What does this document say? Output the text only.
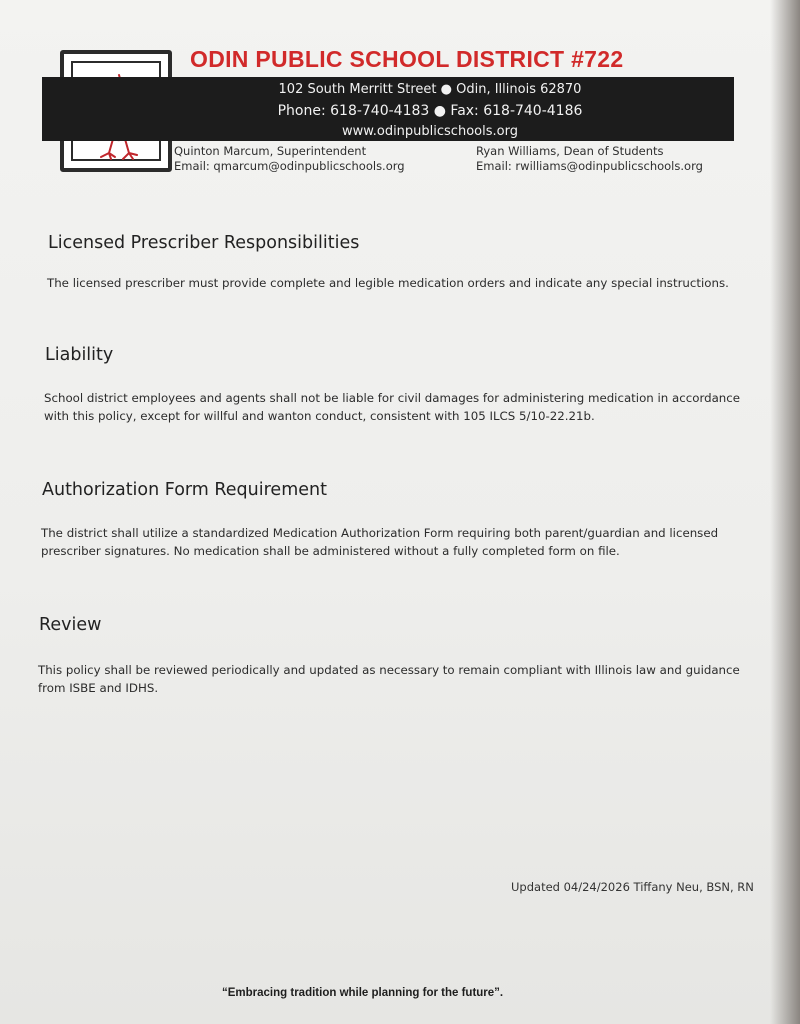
ODIN PUBLIC SCHOOL DISTRICT #722
102 South Merritt Street ● Odin, Illinois 62870
Phone: 618-740-4183 ● Fax: 618-740-4186
www.odinpublicschools.org
Quinton Marcum, Superintendent
Email: qmarcum@odinpublicschools.org
Ryan Williams, Dean of Students
Email: rwilliams@odinpublicschools.org
Licensed Prescriber Responsibilities
The licensed prescriber must provide complete and legible medication orders and indicate any special instructions.
Liability
School district employees and agents shall not be liable for civil damages for administering medication in accordance with this policy, except for willful and wanton conduct, consistent with 105 ILCS 5/10-22.21b.
Authorization Form Requirement
The district shall utilize a standardized Medication Authorization Form requiring both parent/guardian and licensed prescriber signatures. No medication shall be administered without a fully completed form on file.
Review
This policy shall be reviewed periodically and updated as necessary to remain compliant with Illinois law and guidance from ISBE and IDHS.
Updated 04/24/2026 Tiffany Neu, BSN, RN
“Embracing tradition while planning for the future”.
